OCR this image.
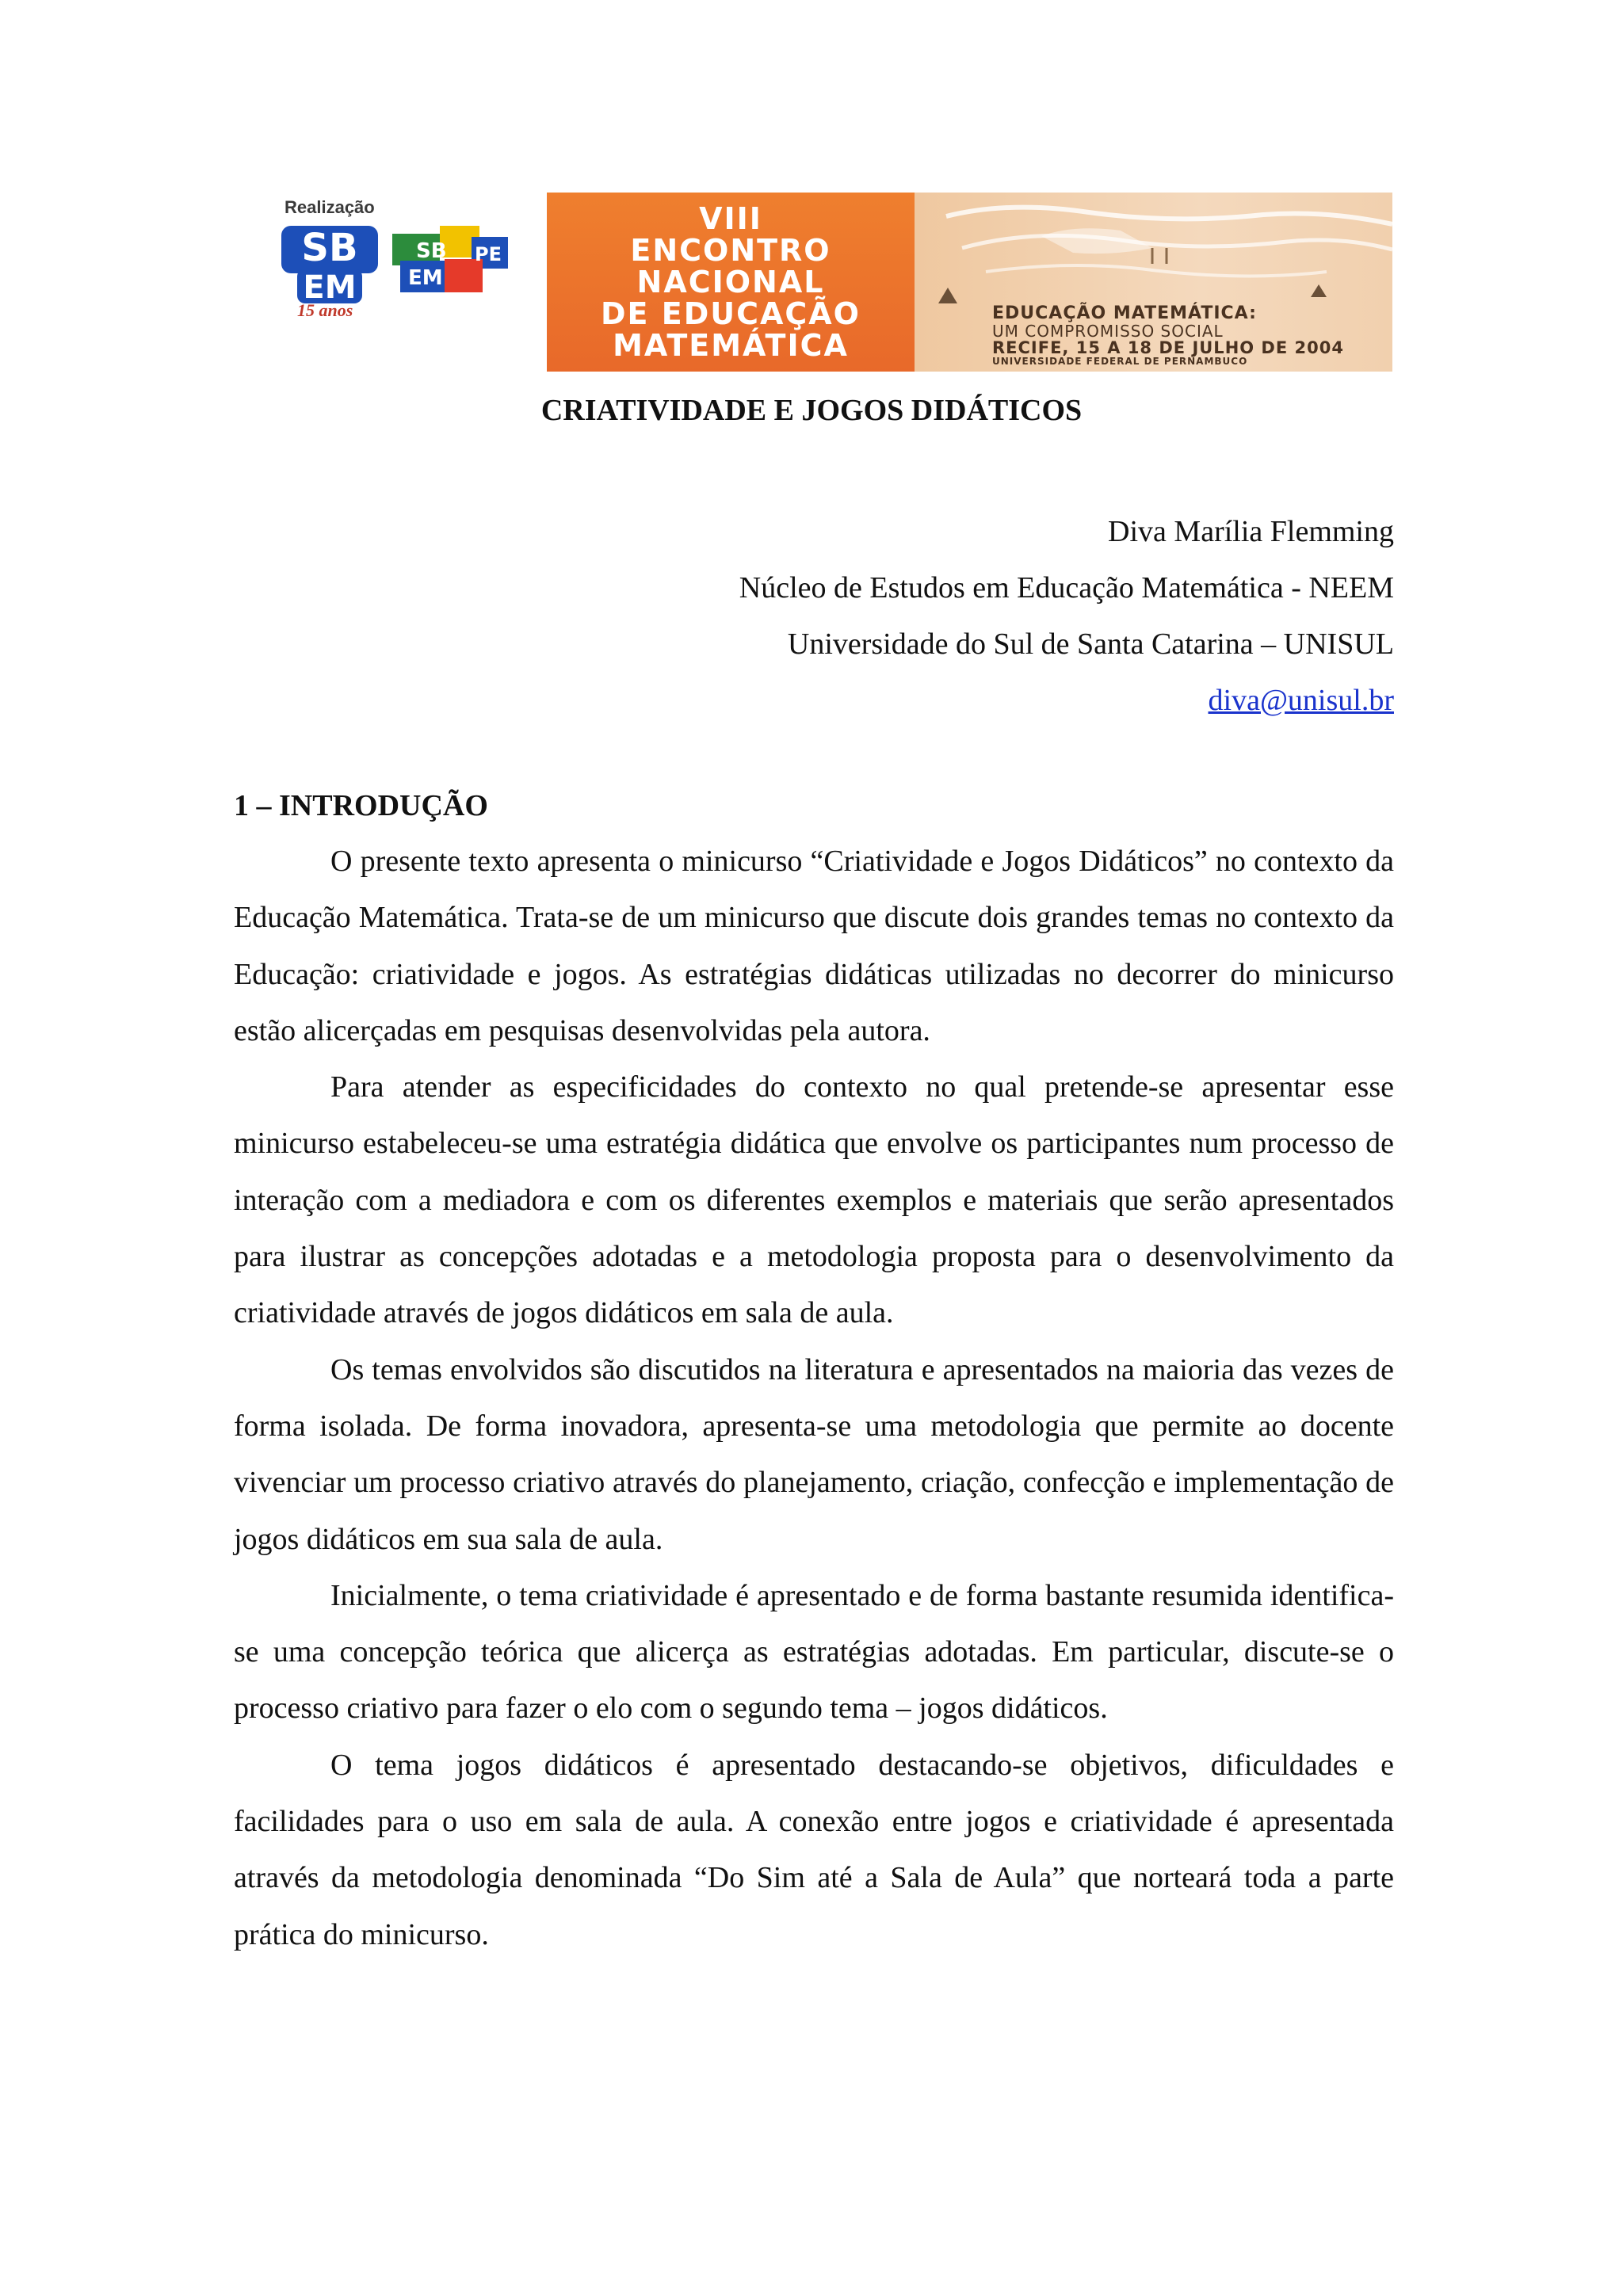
Realização
SB
EM
15 anos
SB PE
EM
VIII
ENCONTRO
NACIONAL
DE EDUCAÇÃO
MATEMÁTICA
EDUCAÇÃO MATEMÁTICA:
UM COMPROMISSO SOCIAL
RECIFE, 15 A 18 DE JULHO DE 2004
UNIVERSIDADE FEDERAL DE PERNAMBUCO
CRIATIVIDADE E JOGOS DIDÁTICOS
Diva Marília Flemming
Núcleo de Estudos em Educação Matemática - NEEM
Universidade do Sul de Santa Catarina – UNISUL
diva@unisul.br
1 – INTRODUÇÃO

O presente texto apresenta o minicurso “Criatividade e Jogos Didáticos” no contexto da Educação Matemática. Trata-se de um minicurso que discute dois grandes temas no contexto da Educação: criatividade e jogos. As estratégias didáticas utilizadas no decorrer do minicurso estão alicerçadas em pesquisas desenvolvidas pela autora.

Para atender as especificidades do contexto no qual pretende-se apresentar esse minicurso estabeleceu-se uma estratégia didática que envolve os participantes num processo de interação com a mediadora e com os diferentes exemplos e materiais que serão apresentados para ilustrar as concepções adotadas e a metodologia proposta para o desenvolvimento da criatividade através de jogos didáticos em sala de aula.

Os temas envolvidos são discutidos na literatura e apresentados na maioria das vezes de forma isolada. De forma inovadora, apresenta-se uma metodologia que permite ao docente vivenciar um processo criativo através do planejamento, criação, confecção e implementação de jogos didáticos em sua sala de aula.

Inicialmente, o tema criatividade é apresentado e de forma bastante resumida identifica-se uma concepção teórica que alicerça as estratégias adotadas. Em particular, discute-se o processo criativo para fazer o elo com o segundo tema – jogos didáticos.

O tema jogos didáticos é apresentado destacando-se objetivos, dificuldades e facilidades para o uso em sala de aula. A conexão entre jogos e criatividade é apresentada através da metodologia denominada “Do Sim até a Sala de Aula” que norteará toda a parte prática do minicurso.
